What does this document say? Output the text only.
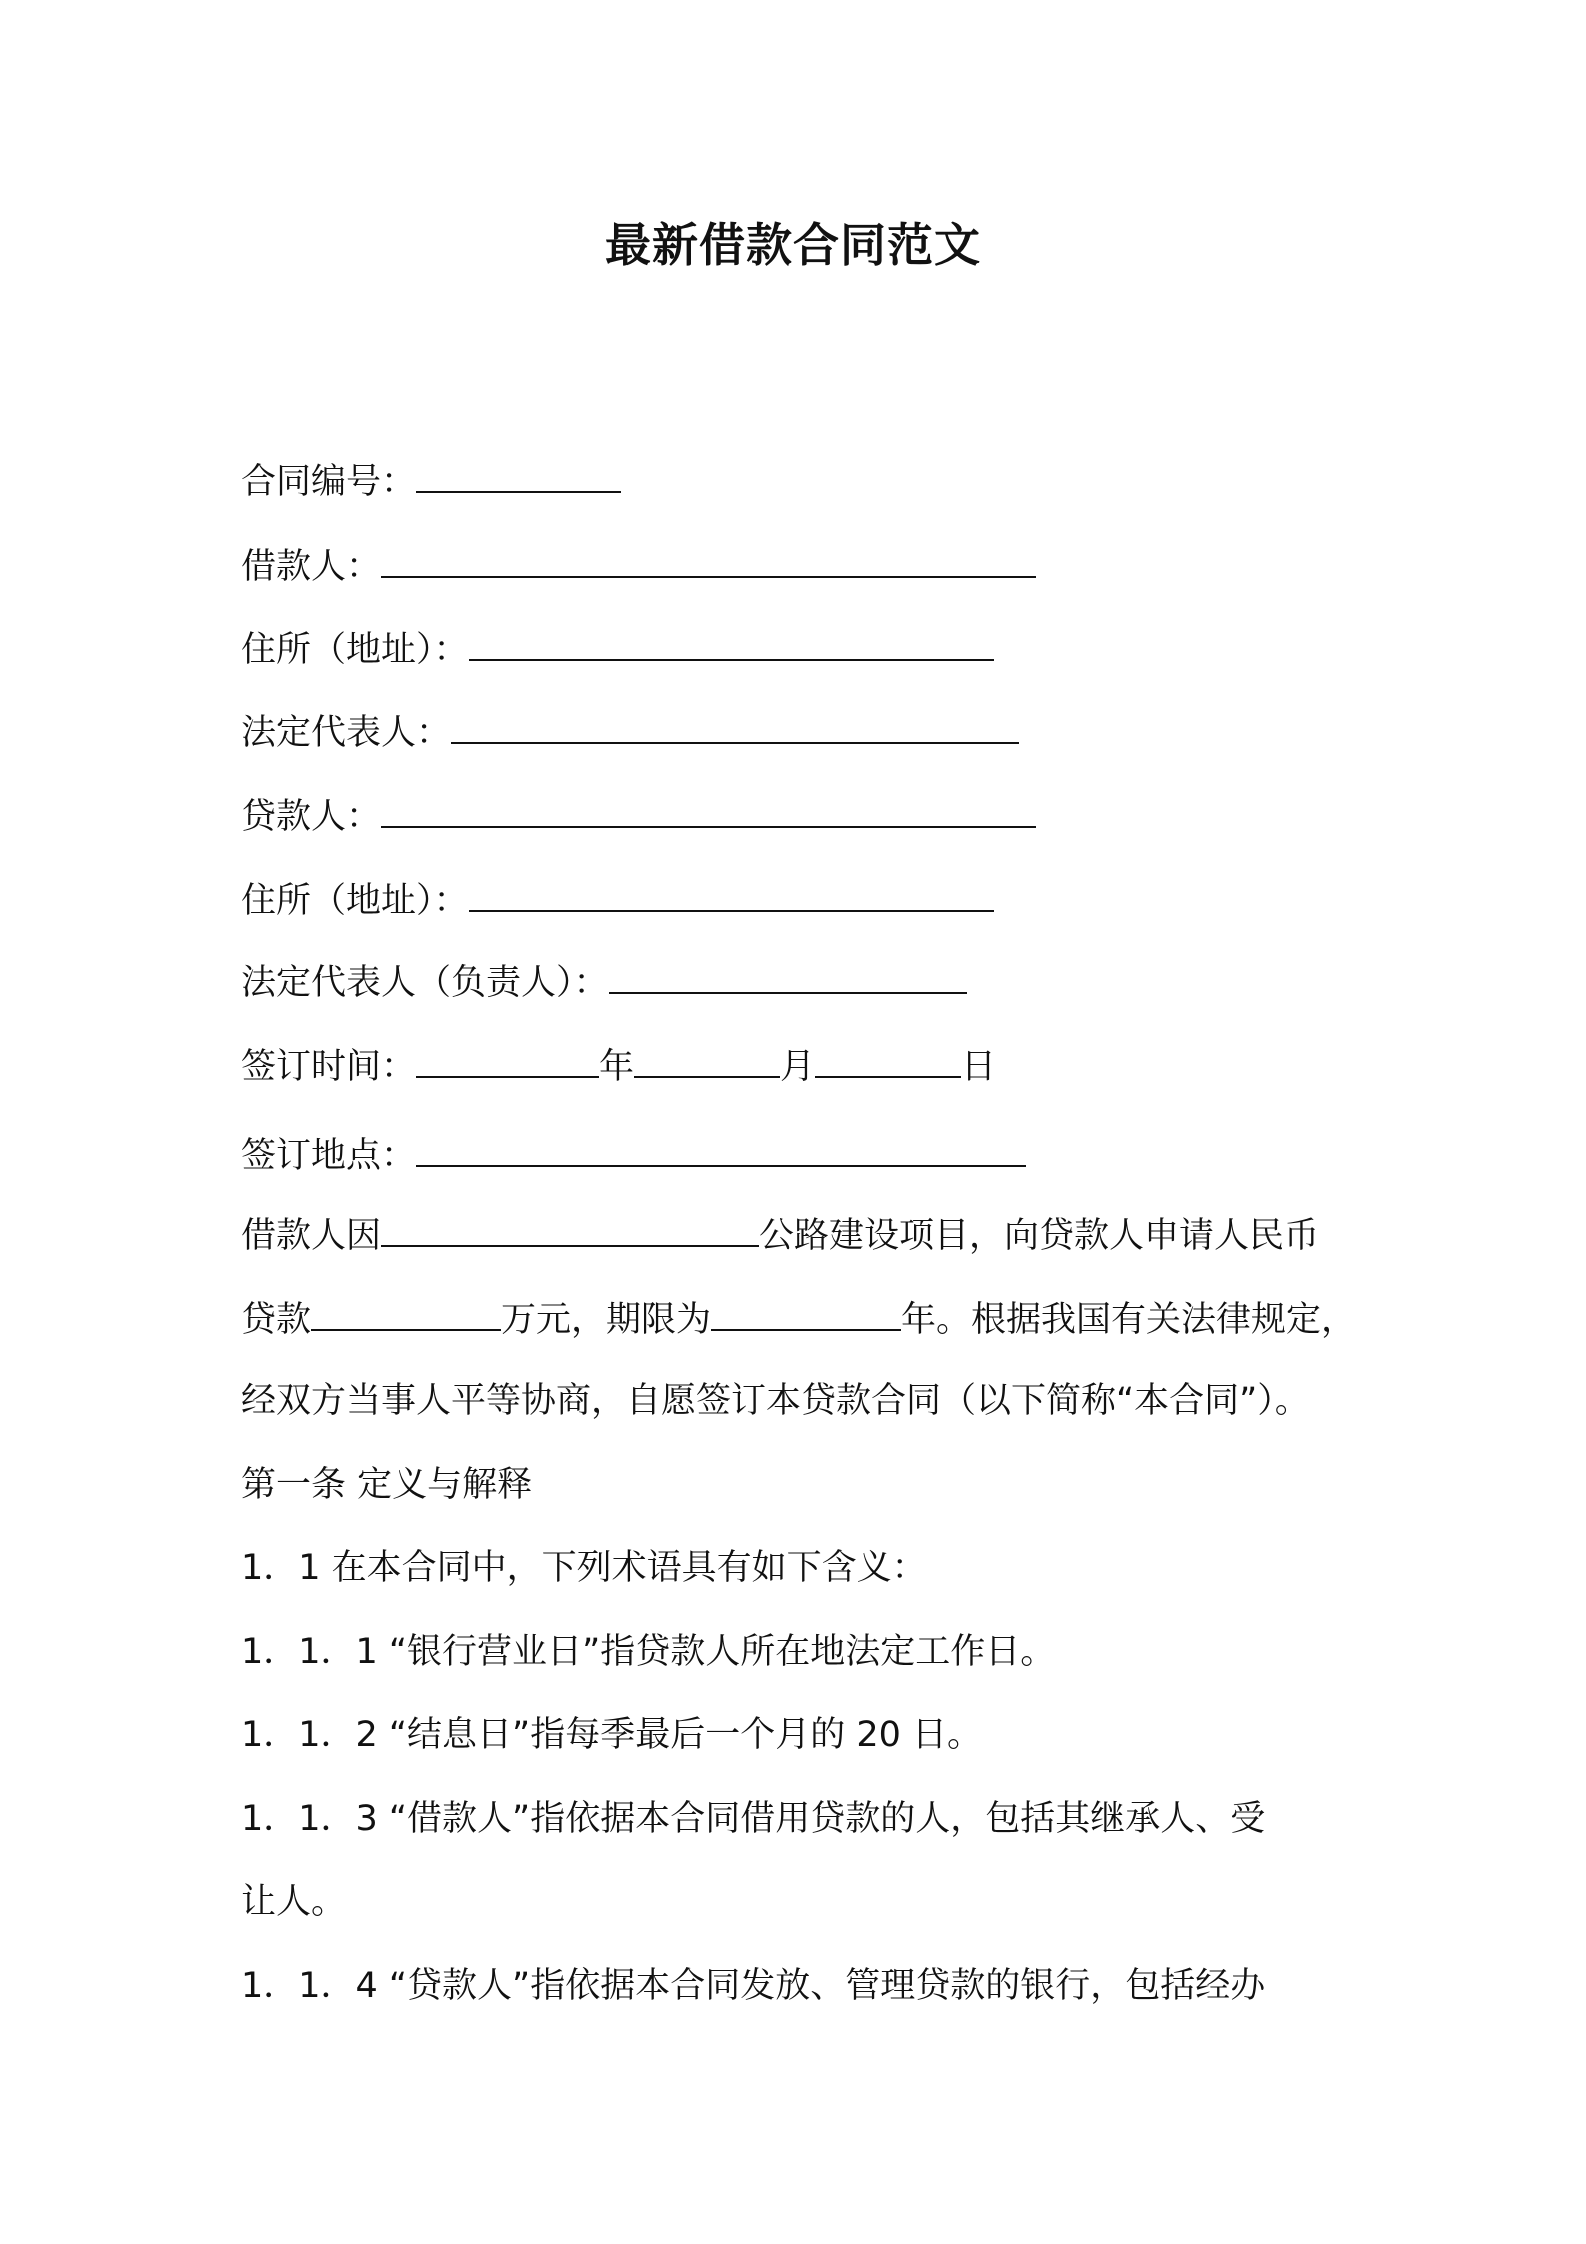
最新借款合同范文
合同编号：
借款人：
住所（地址）：
法定代表人：
贷款人：
住所（地址）：
法定代表人（负责人）：
签订时间：	年	月	日
签订地点：
借款人因	公路建设项目，向贷款人申请人民币
贷款	万元，期限为	年。根据我国有关法律规定，
经双方当事人平等协商，自愿签订本贷款合同（以下简称“本合同”）。
第一条 定义与解释
1．1 在本合同中，下列术语具有如下含义：
1．1．1 “银行营业日”指贷款人所在地法定工作日。
1．1．2 “结息日”指每季最后一个月的 20 日。
1．1．3 “借款人”指依据本合同借用贷款的人，包括其继承人、受
让人。
1．1．4 “贷款人”指依据本合同发放、管理贷款的银行，包括经办
